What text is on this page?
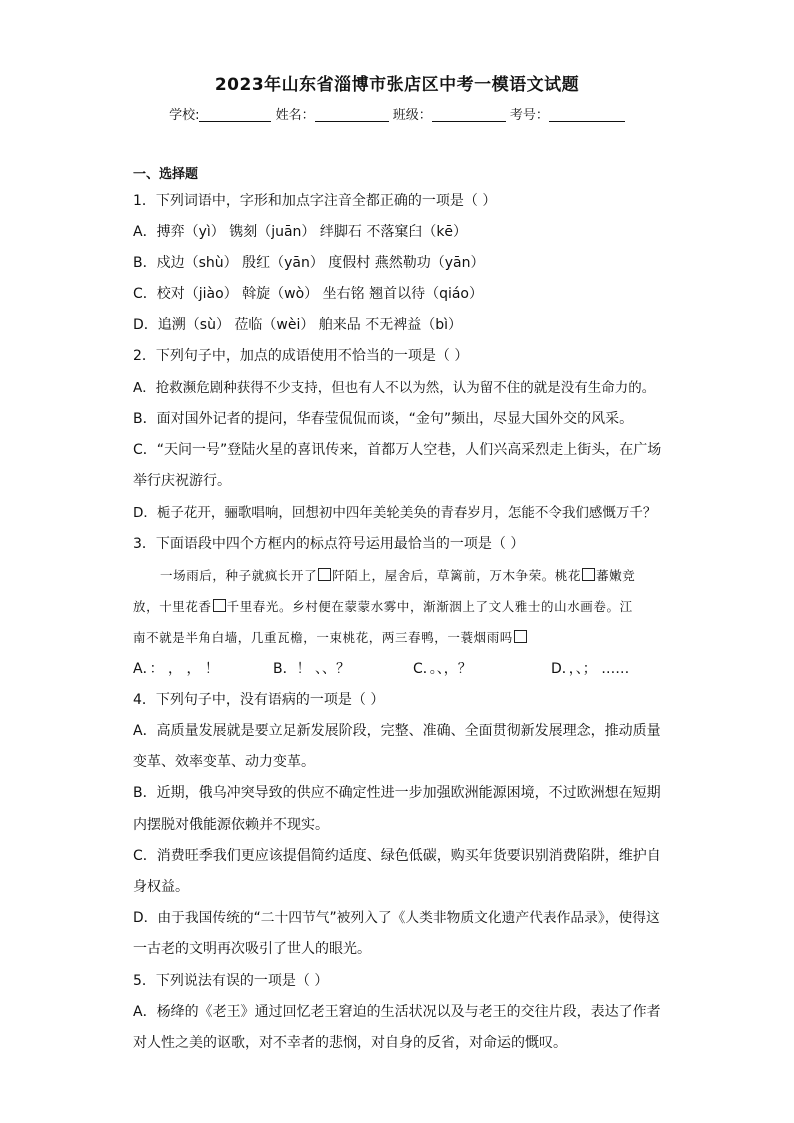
2023年山东省淄博市张店区中考一模语文试题
学校:	姓名：	班级：	考号：
一、选择题
1．下列词语中，字形和加点字注音全都正确的一项是（ ）
A．搏弈（yì） 镌刻（juān） 绊脚石 不落窠臼（kē）
B．戍边（shù） 殷红（yān） 度假村 燕然勒功（yān）
C．校对（jiào） 斡旋（wò） 坐右铭 翘首以待（qiáo）
D．追溯（sù） 莅临（wèi） 舶来品 不无裨益（bì）
2．下列句子中，加点的成语使用不恰当的一项是（ ）
A．抢救濒危剧种获得不少支持，但也有人不以为然，认为留不住的就是没有生命力的。
B．面对国外记者的提问，华春莹侃侃而谈，“金句”频出，尽显大国外交的风采。
C．“天问一号”登陆火星的喜讯传来，首都万人空巷，人们兴高采烈走上街头，在广场
举行庆祝游行。
D．栀子花开，骊歌唱响，回想初中四年美轮美奂的青春岁月，怎能不令我们感慨万千？
3．下面语段中四个方框内的标点符号运用最恰当的一项是（ ）
一场雨后，种子就疯长开了 阡陌上，屋舍后，草篱前，万木争荣。桃花 蕃嫩竞
放，十里花香 千里春光。乡村便在蒙蒙水雾中，渐渐洇上了文人雅士的山水画卷。江
南不就是半角白墙，几重瓦檐，一束桃花，两三春鸭，一蓑烟雨吗
A．： ， ， ！	B．！ 、、？	C．。、，？	D．，、； ……
4．下列句子中，没有语病的一项是（ ）
A．高质量发展就是要立足新发展阶段，完整、准确、全面贯彻新发展理念，推动质量
变革、效率变革、动力变革。
B．近期，俄乌冲突导致的供应不确定性进一步加强欧洲能源困境，不过欧洲想在短期
内摆脱对俄能源依赖并不现实。
C．消费旺季我们更应该提倡简约适度、绿色低碳，购买年货要识别消费陷阱，维护自
身权益。
D．由于我国传统的“二十四节气”被列入了《人类非物质文化遗产代表作品录》，使得这
一古老的文明再次吸引了世人的眼光。
5．下列说法有误的一项是（ ）
A．杨绛的《老王》通过回忆老王窘迫的生活状况以及与老王的交往片段，表达了作者
对人性之美的讴歌，对不幸者的悲悯，对自身的反省，对命运的慨叹。
